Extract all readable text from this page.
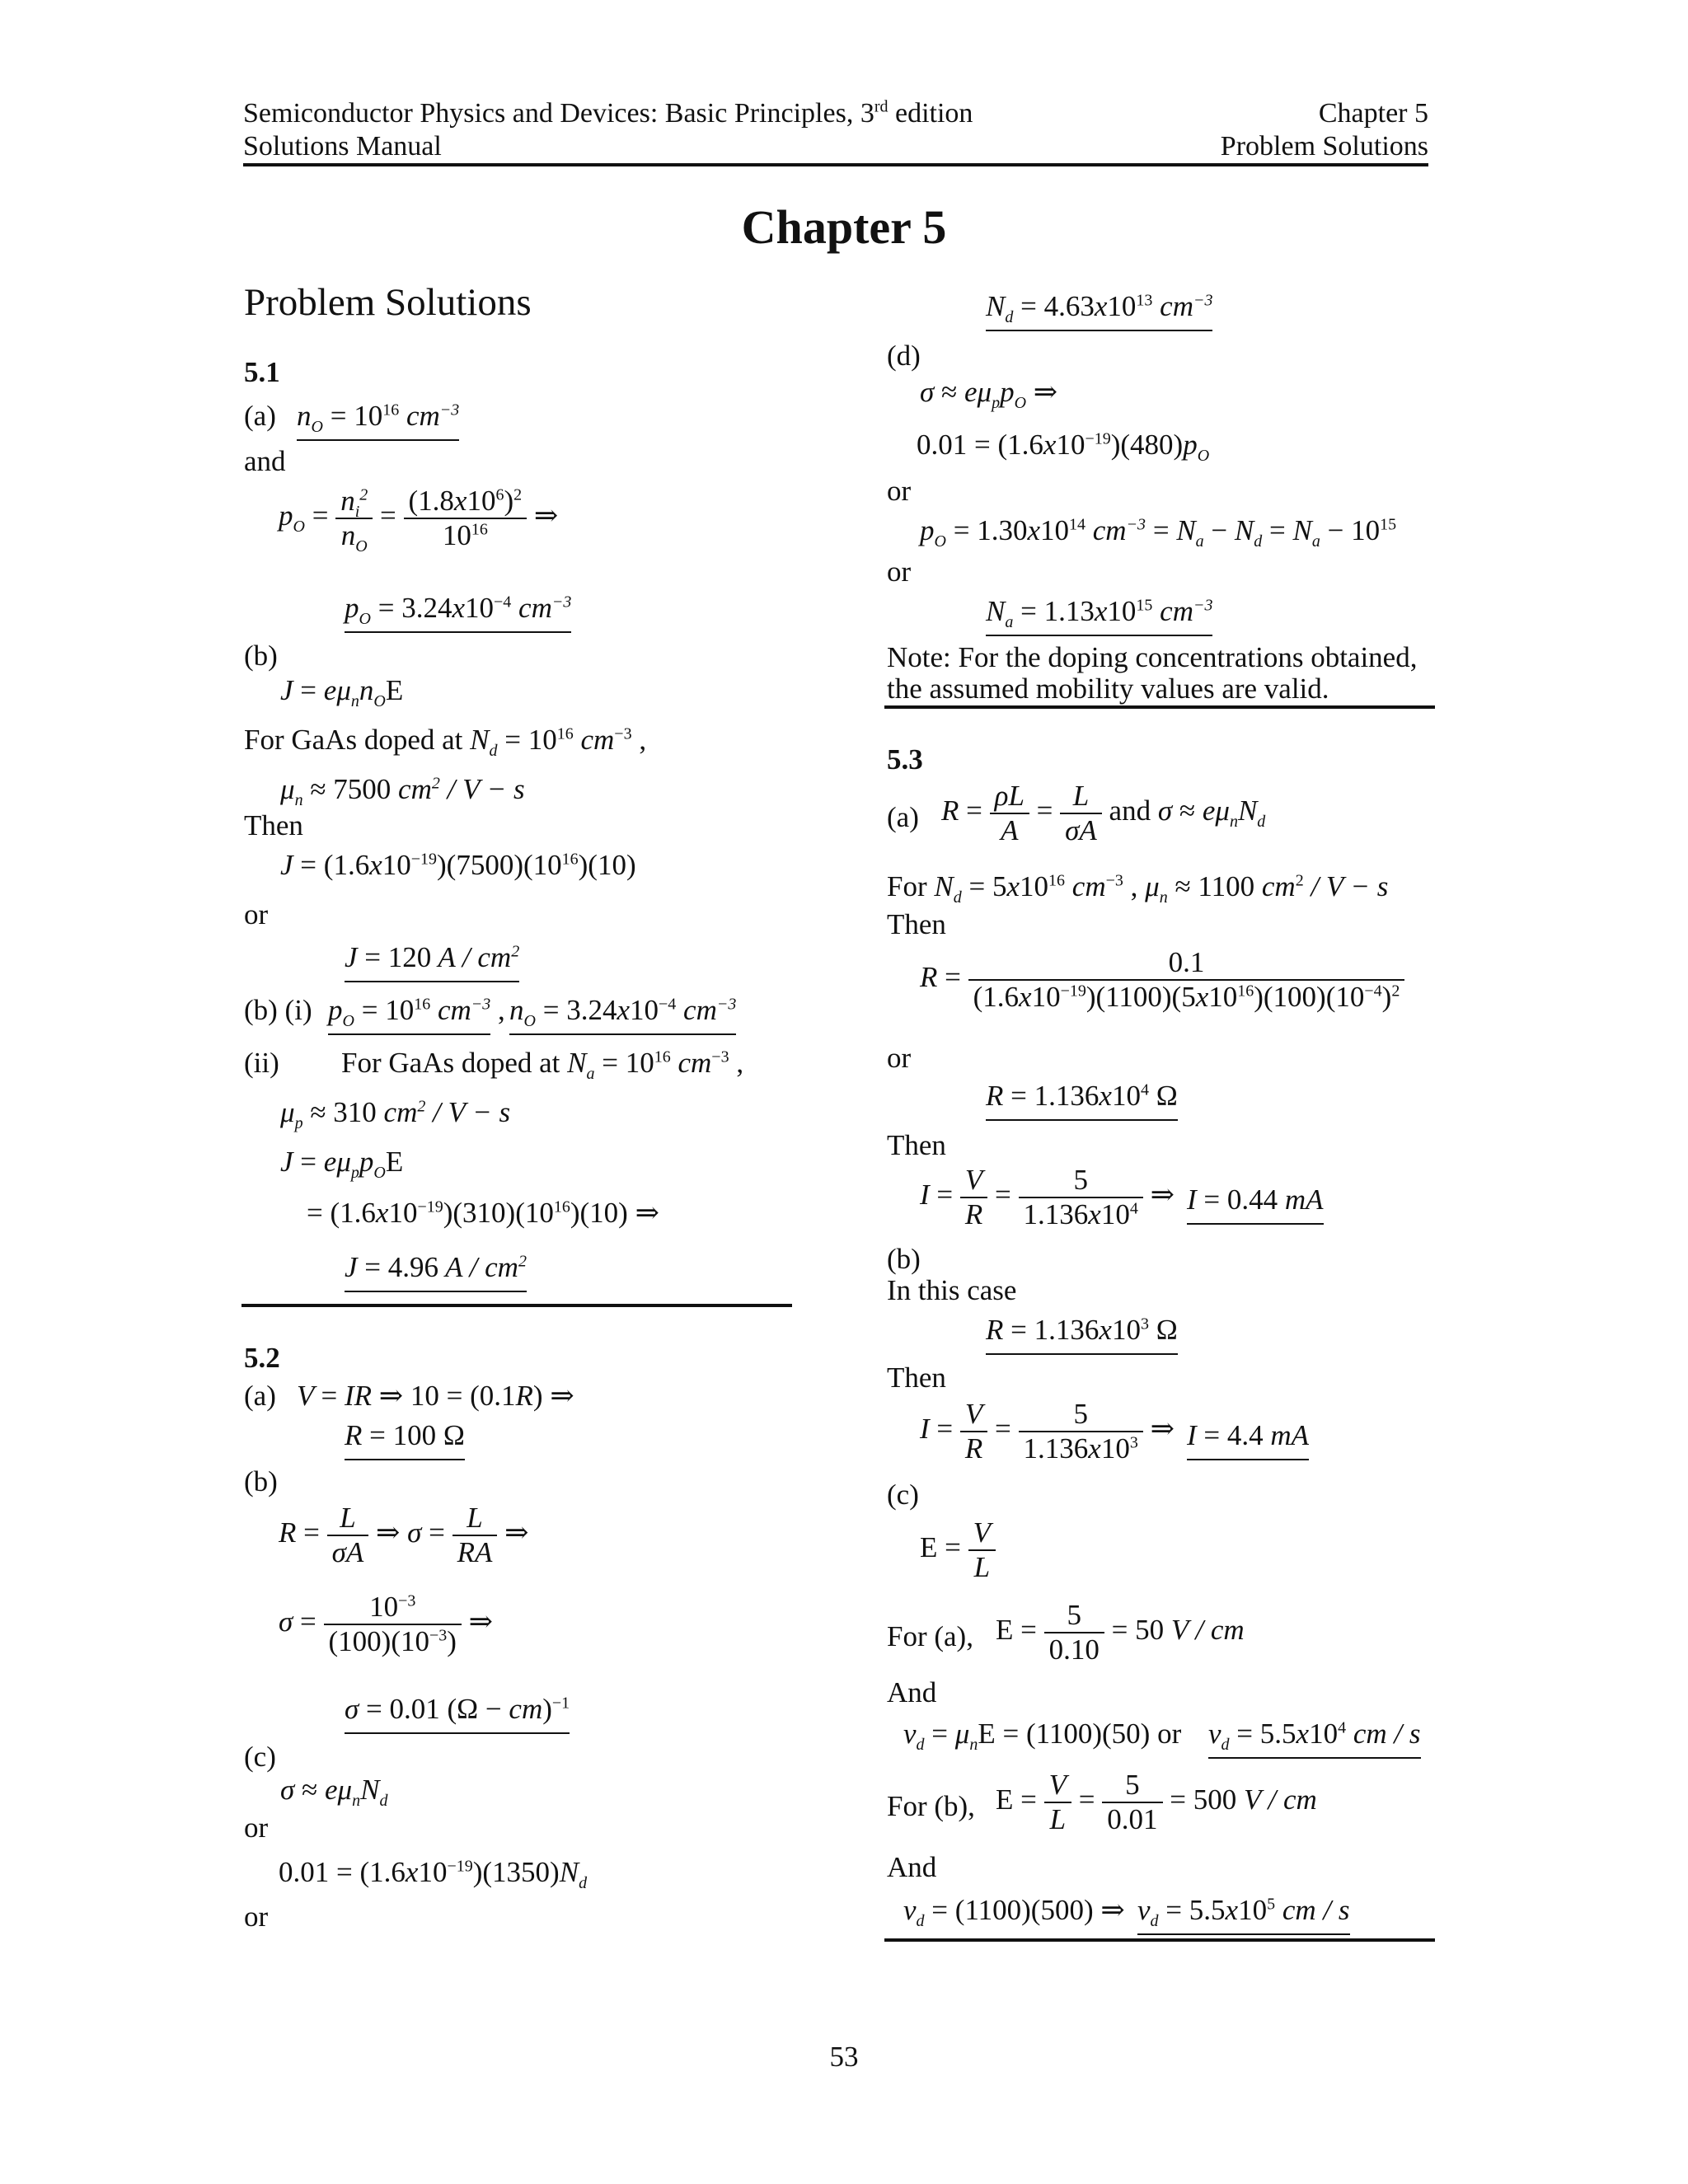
Semiconductor Physics and Devices: Basic Principles, 3rd edition
Solutions Manual
Chapter 5
Problem Solutions
Chapter 5
Problem Solutions
5.1
(a) $n_O = 10^{16}$ $cm^{-3}$
and
$p_O = \frac{n_i^2}{n_O} = \frac{(1.8x10^6)^2}{10^{16}}$ ⇒
$p_O = 3.24x10^{-4}$ $cm^{-3}$
(b)
$J = e\mu_nn_OE$
For GaAs doped at $N_d = 10^{16}$ $cm^{-3}$ ,
$\mu_n \approx 7500$ $cm^2 / V - s$
Then
$J = (1.6x10^{-19})(7500)(10^{16})(10)$
or
J = 120 A / $cm^2$
(b) (i) $p_O = 10^{16}$ $cm^{-3}$ , $n_O = 3.24x10^{-4}$ $cm^{-3}$
(ii) For GaAs doped at $N_a = 10^{16}$ $cm^{-3}$ ,
$\mu_p \approx 310$ $cm^2 / V - s$
$J = e\mu_pp_OE$
= $(1.6x10^{-19})(310)(10^{16})(10)$ ⇒
J = 4.96 A / $cm^2$
5.2
(a) V = IR ⇒ 10 = (0.1R) ⇒
R = 100 Ω
(b)
$R = \frac{L}{\sigma A}$ ⇒ $\sigma = \frac{L}{RA}$ ⇒
$\sigma = \frac{10^{-3}}{(100)(10^{-3})}$ ⇒
σ = 0.01 (Ω − cm)$^{-1}$
(c)
$\sigma \approx e\mu_nN_d$
or
$0.01 = (1.6x10^{-19})(1350)N_d$
or
$N_d = 4.63x10^{13}$ $cm^{-3}$
(d)
$\sigma \approx e\mu_pp_O$ ⇒
$0.01 = (1.6x10^{-19})(480)p_O$
or
$p_O = 1.30x10^{14}$ $cm^{-3} = N_a - N_d = N_a - 10^{15}$
or
$N_a = 1.13x10^{15}$ $cm^{-3}$
Note: For the doping concentrations obtained,
the assumed mobility values are valid.
5.3
(a) $R = \frac{\rho L}{A} = \frac{L}{\sigma A}$ and $\sigma \approx e\mu_nN_d$
For $N_d = 5x10^{16}$ $cm^{-3}$ , $\mu_n \approx 1100$ $cm^2 / V - s$
Then
$R = \frac{0.1}{(1.6x10^{-19})(1100)(5x10^{16})(100)(10^{-4})^2}$
or
$R = 1.136x10^4$ Ω
Then
$I = \frac{V}{R} = \frac{5}{1.136x10^4}$ ⇒ I = 0.44 mA
(b)
In this case
$R = 1.136x10^3$ Ω
Then
$I = \frac{V}{R} = \frac{5}{1.136x10^3}$ ⇒ I = 4.4 mA
(c)
$E = \frac{V}{L}$
For (a), $E = \frac{5}{0.10} = 50$ V / cm
And
$v_d = \mu_nE = (1100)(50)$ or $v_d = 5.5x10^4$ cm / s
For (b), $E = \frac{V}{L} = \frac{5}{0.01} = 500$ V / cm
And
$v_d = (1100)(500)$ ⇒ $v_d = 5.5x10^5$ cm / s
53
